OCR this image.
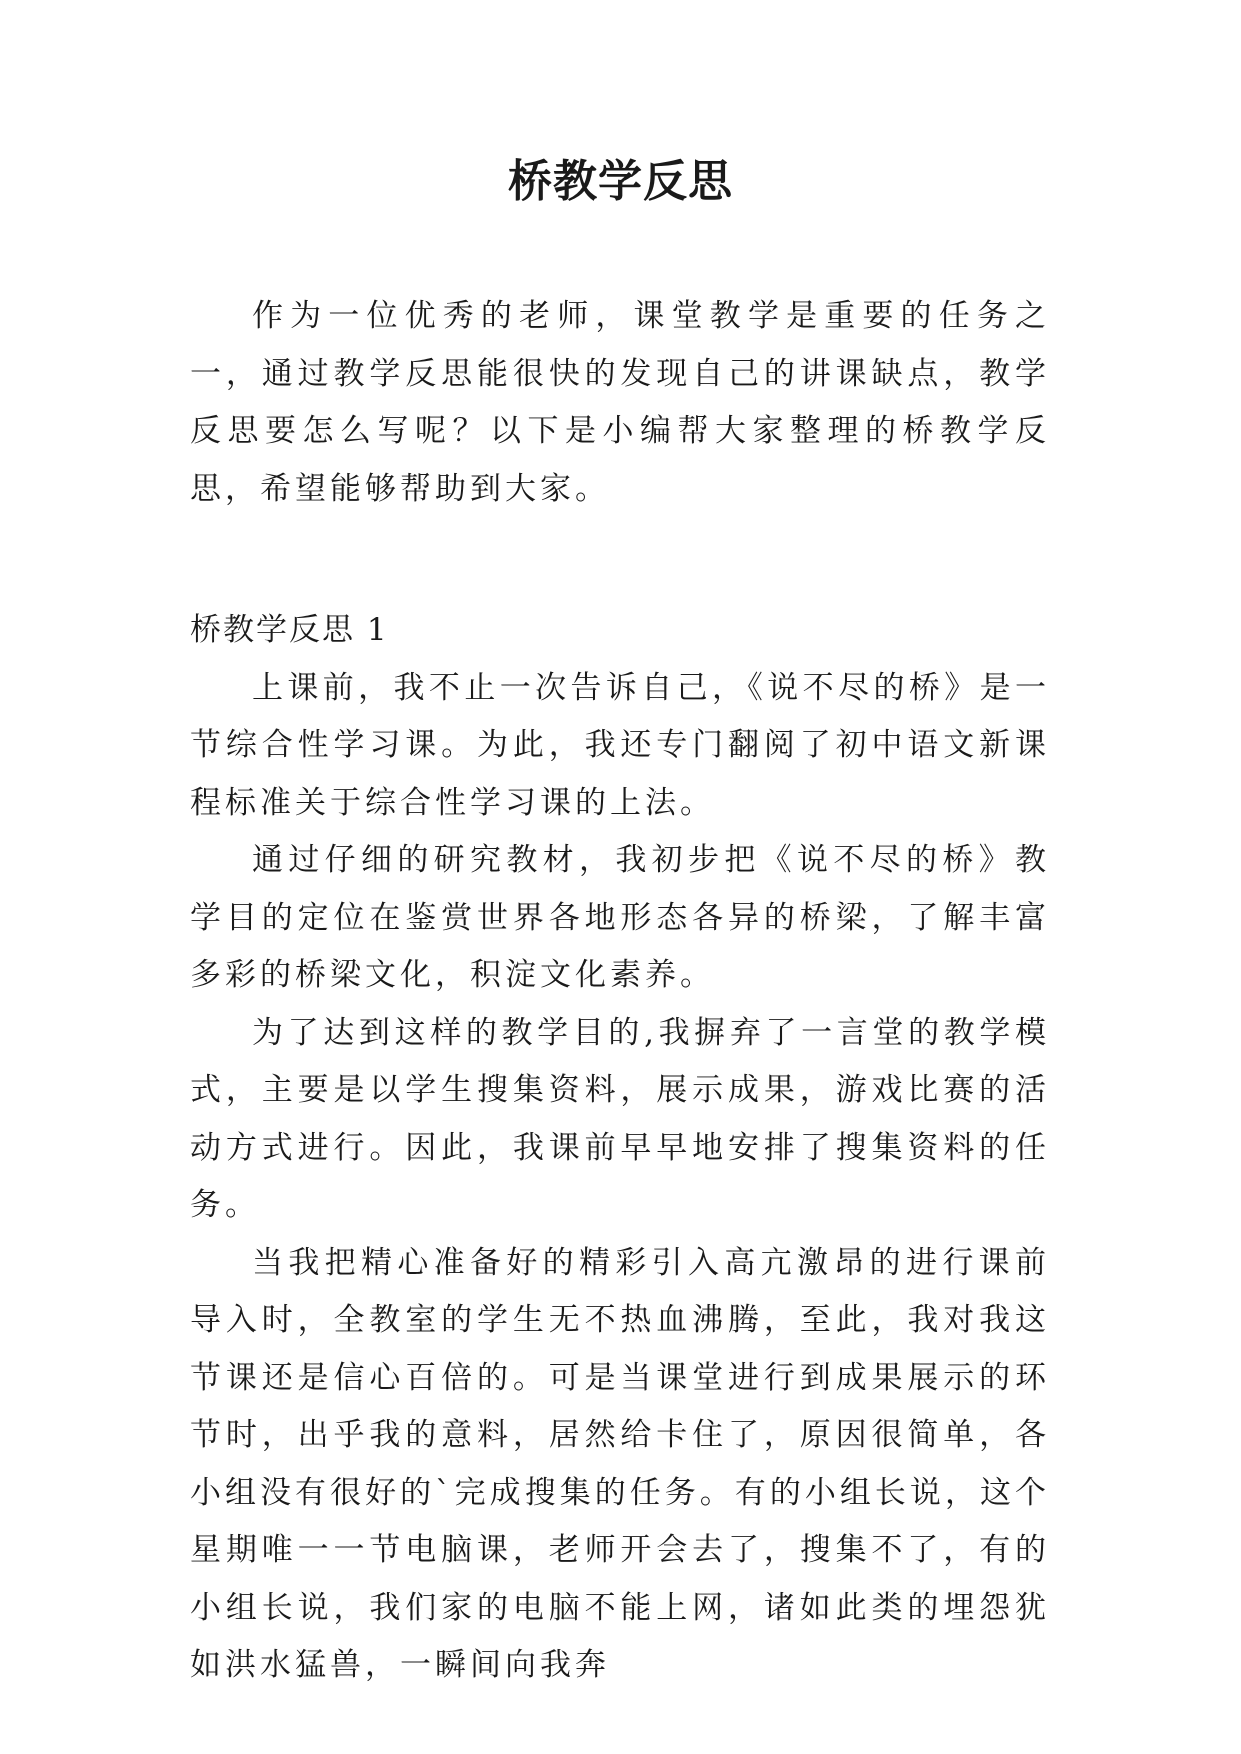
桥教学反思

作为一位优秀的老师，课堂教学是重要的任务之一，通过教学反思能很快的发现自己的讲课缺点，教学反思要怎么写呢？以下是小编帮大家整理的桥教学反思，希望能够帮助到大家。

桥教学反思 1

上课前，我不止一次告诉自己，《说不尽的桥》是一节综合性学习课。为此，我还专门翻阅了初中语文新课程标准关于综合性学习课的上法。

通过仔细的研究教材，我初步把《说不尽的桥》教学目的定位在鉴赏世界各地形态各异的桥梁，了解丰富多彩的桥梁文化，积淀文化素养。

为了达到这样的教学目的,我摒弃了一言堂的教学模式，主要是以学生搜集资料，展示成果，游戏比赛的活动方式进行。因此，我课前早早地安排了搜集资料的任务。

当我把精心准备好的精彩引入高亢激昂的进行课前导入时，全教室的学生无不热血沸腾，至此，我对我这节课还是信心百倍的。可是当课堂进行到成果展示的环节时，出乎我的意料，居然给卡住了，原因很简单，各小组没有很好的`完成搜集的任务。有的小组长说，这个星期唯一一节电脑课，老师开会去了，搜集不了，有的小组长说，我们家的电脑不能上网，诸如此类的埋怨犹如洪水猛兽，一瞬间向我奔
